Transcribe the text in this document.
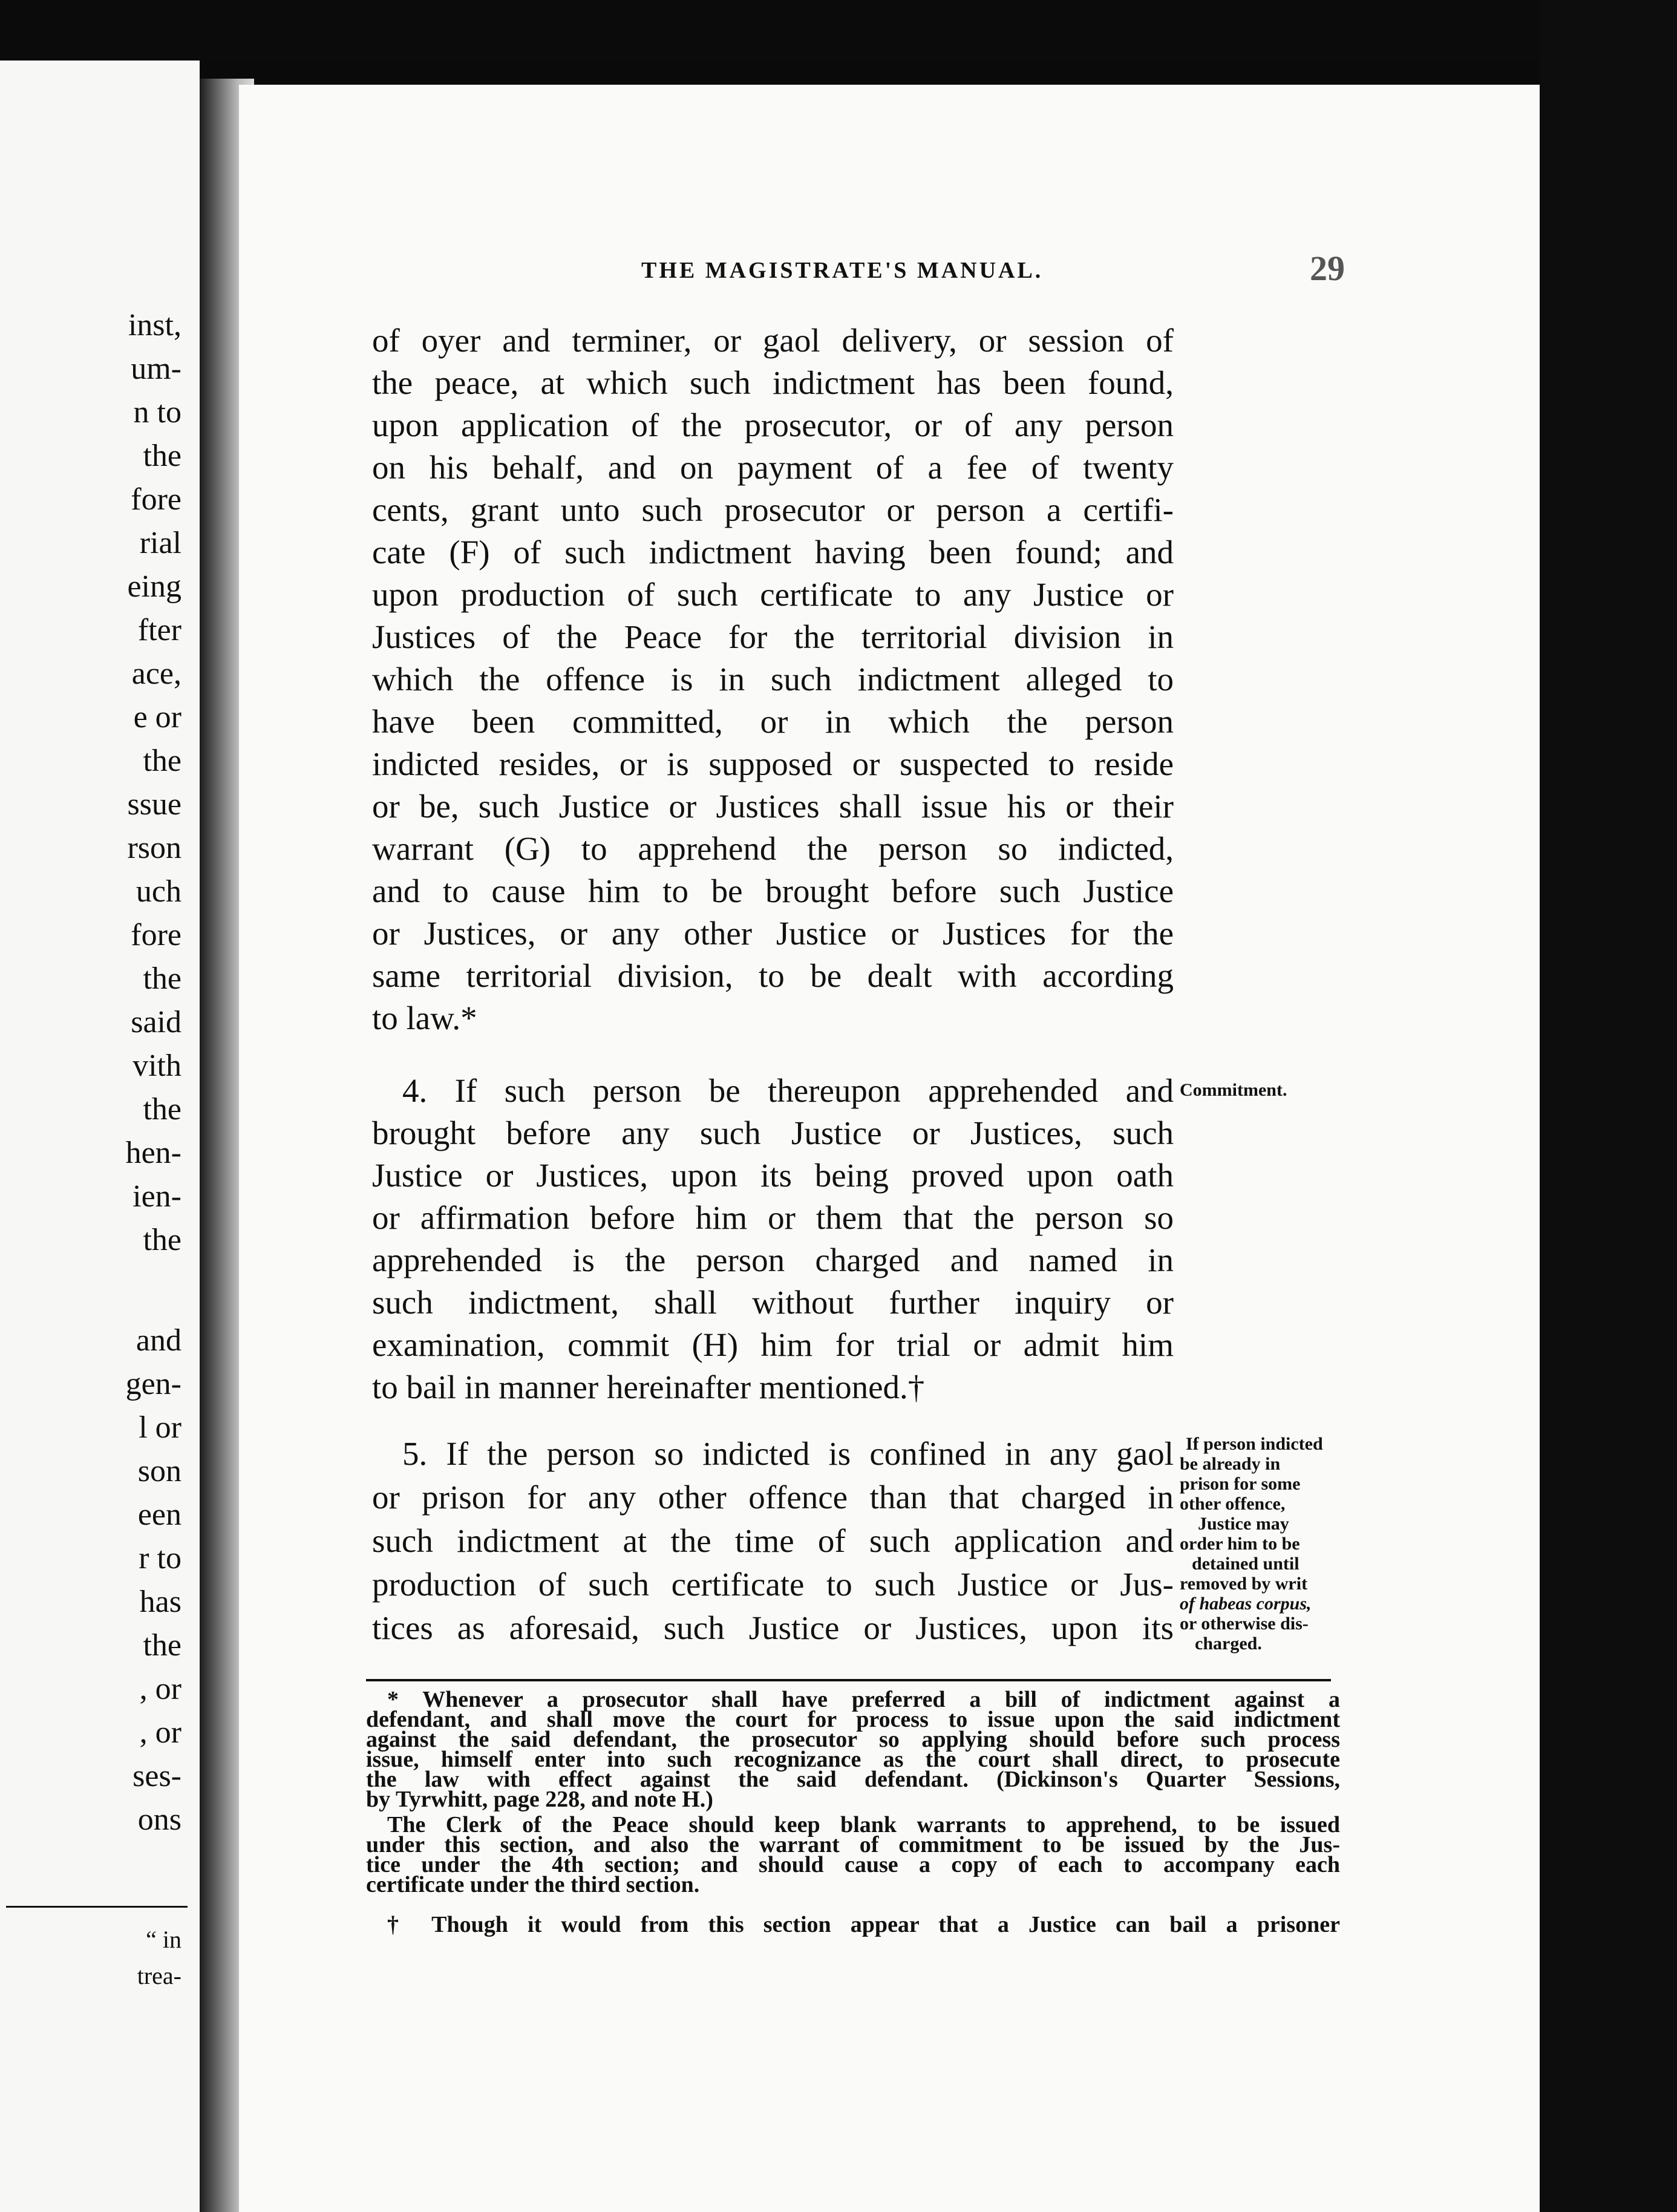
inst,
um-
n to
the
fore
rial
eing
fter
ace,
e or
the
ssue
rson
uch
fore
the
said
vith
the
hen-
ien-
the
and
gen-
l or
son
een
r to
has
the
, or
, or
ses-
ons
“ in
trea-
THE MAGISTRATE'S MANUAL.	29
of oyer and terminer, or gaol delivery, or session of
the peace, at which such indictment has been found,
upon application of the prosecutor, or of any person
on his behalf, and on payment of a fee of twenty
cents, grant unto such prosecutor or person a certifi-
cate (F) of such indictment having been found; and
upon production of such certificate to any Justice or
Justices of the Peace for the territorial division in
which the offence is in such indictment alleged to
have been committed, or in which the person
indicted resides, or is supposed or suspected to reside
or be, such Justice or Justices shall issue his or their
warrant (G) to apprehend the person so indicted,
and to cause him to be brought before such Justice
or Justices, or any other Justice or Justices for the
same territorial division, to be dealt with according
to law.*
4. If such person be thereupon apprehended and
brought before any such Justice or Justices, such
Justice or Justices, upon its being proved upon oath
or affirmation before him or them that the person so
apprehended is the person charged and named in
such indictment, shall without further inquiry or
examination, commit (H) him for trial or admit him
to bail in manner hereinafter mentioned.†
Commitment.
5. If the person so indicted is confined in any gaol
or prison for any other offence than that charged in
such indictment at the time of such application and
production of such certificate to such Justice or Jus-
tices as aforesaid, such Justice or Justices, upon its
If person indicted
be already in
prison for some
other offence,
Justice may
order him to be
detained until
removed by writ
of habeas corpus,
or otherwise dis-
charged.
* Whenever a prosecutor shall have preferred a bill of indictment against a
defendant, and shall move the court for process to issue upon the said indictment
against the said defendant, the prosecutor so applying should before such process
issue, himself enter into such recognizance as the court shall direct, to prosecute
the law with effect against the said defendant. (Dickinson's Quarter Sessions,
by Tyrwhitt, page 228, and note H.)
The Clerk of the Peace should keep blank warrants to apprehend, to be issued
under this section, and also the warrant of commitment to be issued by the Jus-
tice under the 4th section; and should cause a copy of each to accompany each
certificate under the third section.
† Though it would from this section appear that a Justice can bail a prisoner
